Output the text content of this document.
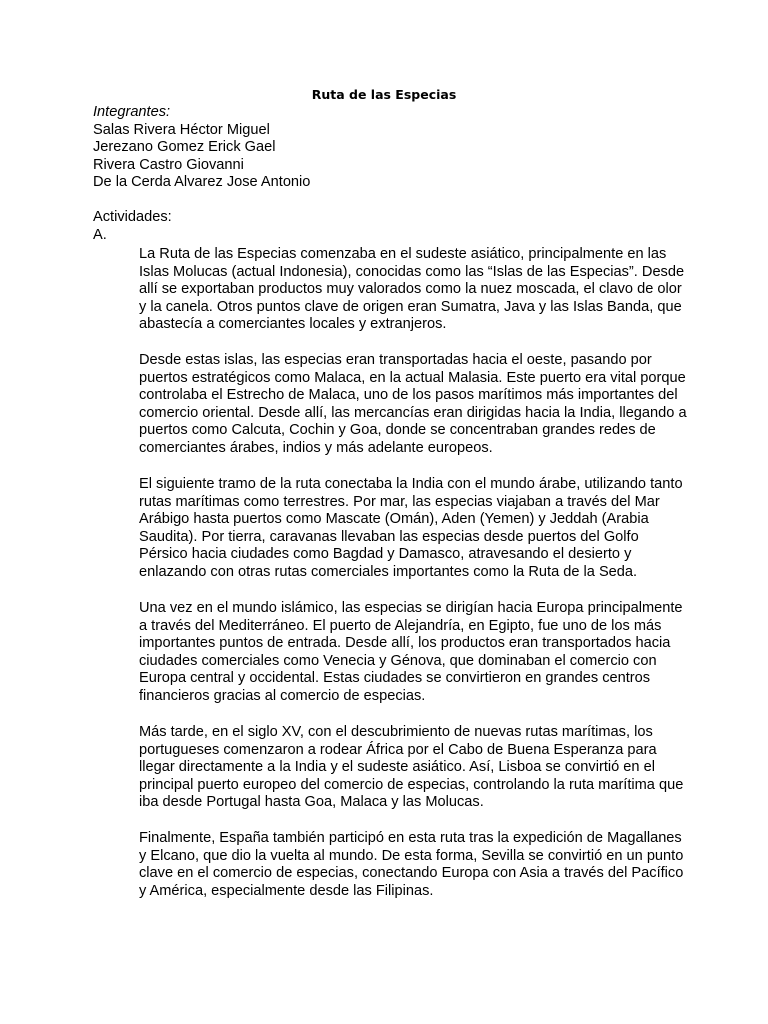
Ruta de las Especias
Integrantes:
Salas Rivera Héctor Miguel
Jerezano Gomez Erick Gael
Rivera Castro Giovanni
De la Cerda Alvarez Jose Antonio
Actividades:
A.
La Ruta de las Especias comenzaba en el sudeste asiático, principalmente en las
Islas Molucas (actual Indonesia), conocidas como las “Islas de las Especias”. Desde
allí se exportaban productos muy valorados como la nuez moscada, el clavo de olor
y la canela. Otros puntos clave de origen eran Sumatra, Java y las Islas Banda, que
abastecía a comerciantes locales y extranjeros.
Desde estas islas, las especias eran transportadas hacia el oeste, pasando por
puertos estratégicos como Malaca, en la actual Malasia. Este puerto era vital porque
controlaba el Estrecho de Malaca, uno de los pasos marítimos más importantes del
comercio oriental. Desde allí, las mercancías eran dirigidas hacia la India, llegando a
puertos como Calcuta, Cochin y Goa, donde se concentraban grandes redes de
comerciantes árabes, indios y más adelante europeos.
El siguiente tramo de la ruta conectaba la India con el mundo árabe, utilizando tanto
rutas marítimas como terrestres. Por mar, las especias viajaban a través del Mar
Arábigo hasta puertos como Mascate (Omán), Aden (Yemen) y Jeddah (Arabia
Saudita). Por tierra, caravanas llevaban las especias desde puertos del Golfo
Pérsico hacia ciudades como Bagdad y Damasco, atravesando el desierto y
enlazando con otras rutas comerciales importantes como la Ruta de la Seda.
Una vez en el mundo islámico, las especias se dirigían hacia Europa principalmente
a través del Mediterráneo. El puerto de Alejandría, en Egipto, fue uno de los más
importantes puntos de entrada. Desde allí, los productos eran transportados hacia
ciudades comerciales como Venecia y Génova, que dominaban el comercio con
Europa central y occidental. Estas ciudades se convirtieron en grandes centros
financieros gracias al comercio de especias.
Más tarde, en el siglo XV, con el descubrimiento de nuevas rutas marítimas, los
portugueses comenzaron a rodear África por el Cabo de Buena Esperanza para
llegar directamente a la India y el sudeste asiático. Así, Lisboa se convirtió en el
principal puerto europeo del comercio de especias, controlando la ruta marítima que
iba desde Portugal hasta Goa, Malaca y las Molucas.
Finalmente, España también participó en esta ruta tras la expedición de Magallanes
y Elcano, que dio la vuelta al mundo. De esta forma, Sevilla se convirtió en un punto
clave en el comercio de especias, conectando Europa con Asia a través del Pacífico
y América, especialmente desde las Filipinas.
